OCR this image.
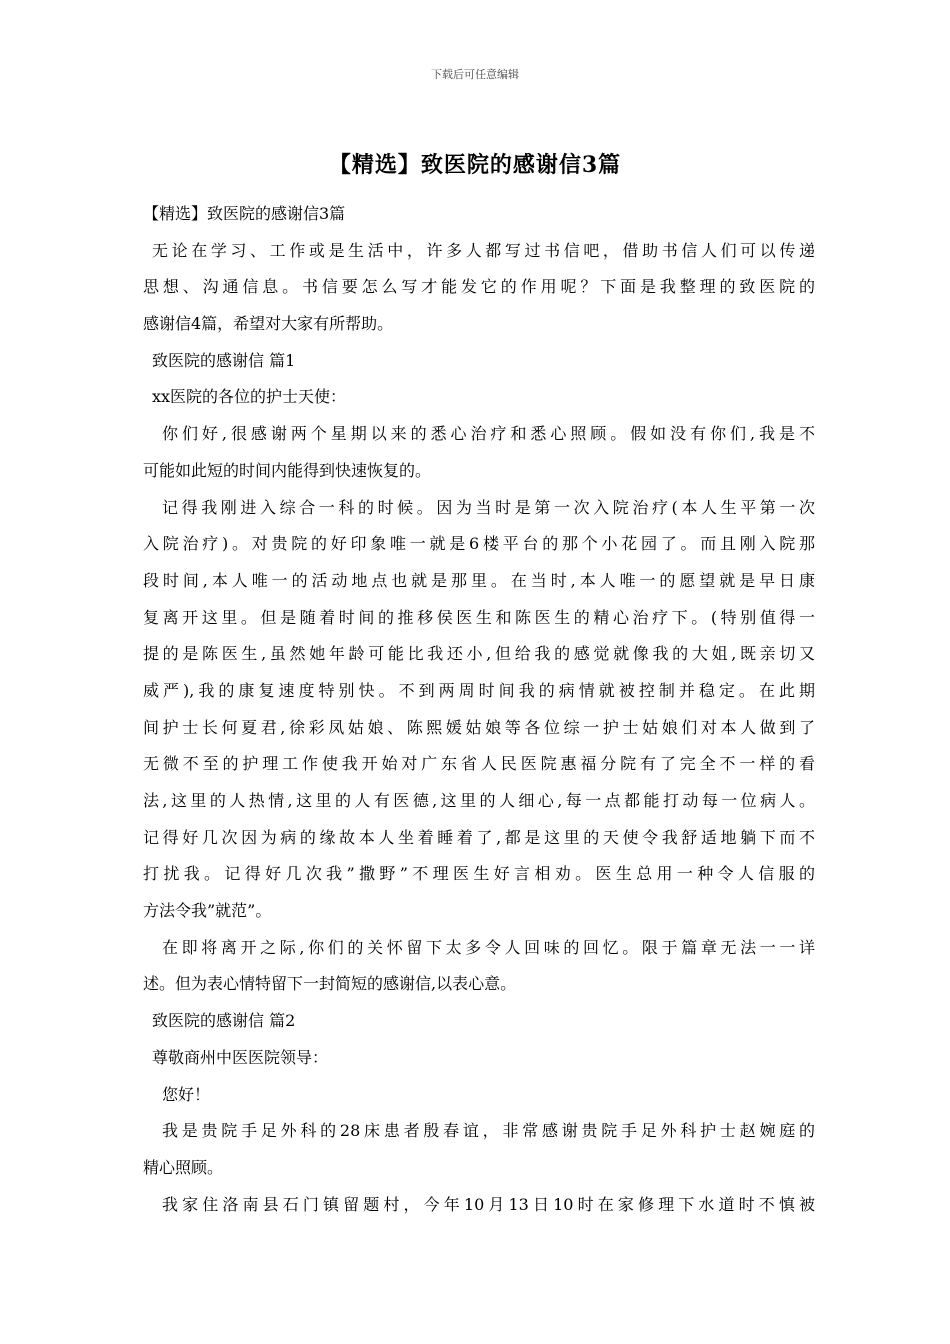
下载后可任意编辑
【精选】致医院的感谢信3篇
【精选】致医院的感谢信3篇
无论在学习、工作或是生活中，许多人都写过书信吧，借助书信人们可以传递
思想、沟通信息。书信要怎么写才能发它的作用呢？下面是我整理的致医院的
感谢信4篇，希望对大家有所帮助。
致医院的感谢信 篇1
xx医院的各位的护士天使：
你们好,很感谢两个星期以来的悉心治疗和悉心照顾。假如没有你们,我是不
可能如此短的时间内能得到快速恢复的。
记得我刚进入综合一科的时候。因为当时是第一次入院治疗(本人生平第一次
入院治疗)。对贵院的好印象唯一就是6楼平台的那个小花园了。而且刚入院那
段时间,本人唯一的活动地点也就是那里。在当时,本人唯一的愿望就是早日康
复离开这里。但是随着时间的推移侯医生和陈医生的精心治疗下。(特别值得一
提的是陈医生,虽然她年龄可能比我还小,但给我的感觉就像我的大姐,既亲切又
威严),我的康复速度特别快。不到两周时间我的病情就被控制并稳定。在此期
间护士长何夏君,徐彩凤姑娘、陈熙媛姑娘等各位综一护士姑娘们对本人做到了
无微不至的护理工作使我开始对广东省人民医院惠福分院有了完全不一样的看
法,这里的人热情,这里的人有医德,这里的人细心,每一点都能打动每一位病人。
记得好几次因为病的缘故本人坐着睡着了,都是这里的天使令我舒适地躺下而不
打扰我。记得好几次我”撒野”不理医生好言相劝。医生总用一种令人信服的
方法令我”就范”。
在即将离开之际,你们的关怀留下太多令人回味的回忆。限于篇章无法一一详
述。但为表心情特留下一封简短的感谢信,以表心意。
致医院的感谢信 篇2
尊敬商州中医医院领导：
您好！
我是贵院手足外科的28床患者殷春谊，非常感谢贵院手足外科护士赵婉庭的
精心照顾。
我家住洛南县石门镇留题村，今年10月13日10时在家修理下水道时不慎被
